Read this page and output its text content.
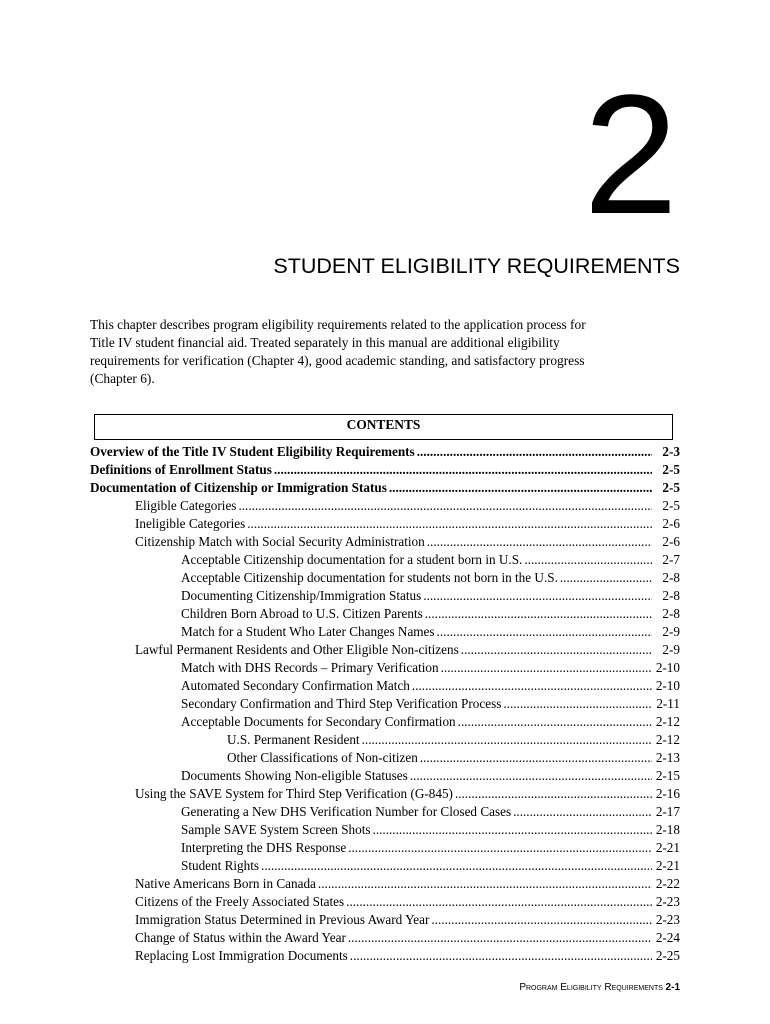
2
STUDENT ELIGIBILITY REQUIREMENTS

This chapter describes program eligibility requirements related to the application process for
Title IV student financial aid. Treated separately in this manual are additional eligibility
requirements for verification (Chapter 4), good academic standing, and satisfactory progress
(Chapter 6).

CONTENTS
Overview of the Title IV Student Eligibility Requirements .....	2-3
Definitions of Enrollment Status .....	2-5
Documentation of Citizenship or Immigration Status .....	2-5
Eligible Categories .....	2-5
Ineligible Categories .....	2-6
Citizenship Match with Social Security Administration .....	2-6
Acceptable Citizenship documentation for a student born in U.S. .....	2-7
Acceptable Citizenship documentation for students not born in the U.S. .....	2-8
Documenting Citizenship/Immigration Status .....	2-8
Children Born Abroad to U.S. Citizen Parents .....	2-8
Match for a Student Who Later Changes Names .....	2-9
Lawful Permanent Residents and Other Eligible Non-citizens .....	2-9
Match with DHS Records – Primary Verification .....	2-10
Automated Secondary Confirmation Match .....	2-10
Secondary Confirmation and Third Step Verification Process .....	2-11
Acceptable Documents for Secondary Confirmation .....	2-12
U.S. Permanent Resident .....	2-12
Other Classifications of Non-citizen .....	2-13
Documents Showing Non-eligible Statuses .....	2-15
Using the SAVE System for Third Step Verification (G-845) .....	2-16
Generating a New DHS Verification Number for Closed Cases .....	2-17
Sample SAVE System Screen Shots .....	2-18
Interpreting the DHS Response .....	2-21
Student Rights .....	2-21
Native Americans Born in Canada .....	2-22
Citizens of the Freely Associated States .....	2-23
Immigration Status Determined in Previous Award Year .....	2-23
Change of Status within the Award Year .....	2-24
Replacing Lost Immigration Documents .....	2-25
Program Eligibility Requirements 2-1
